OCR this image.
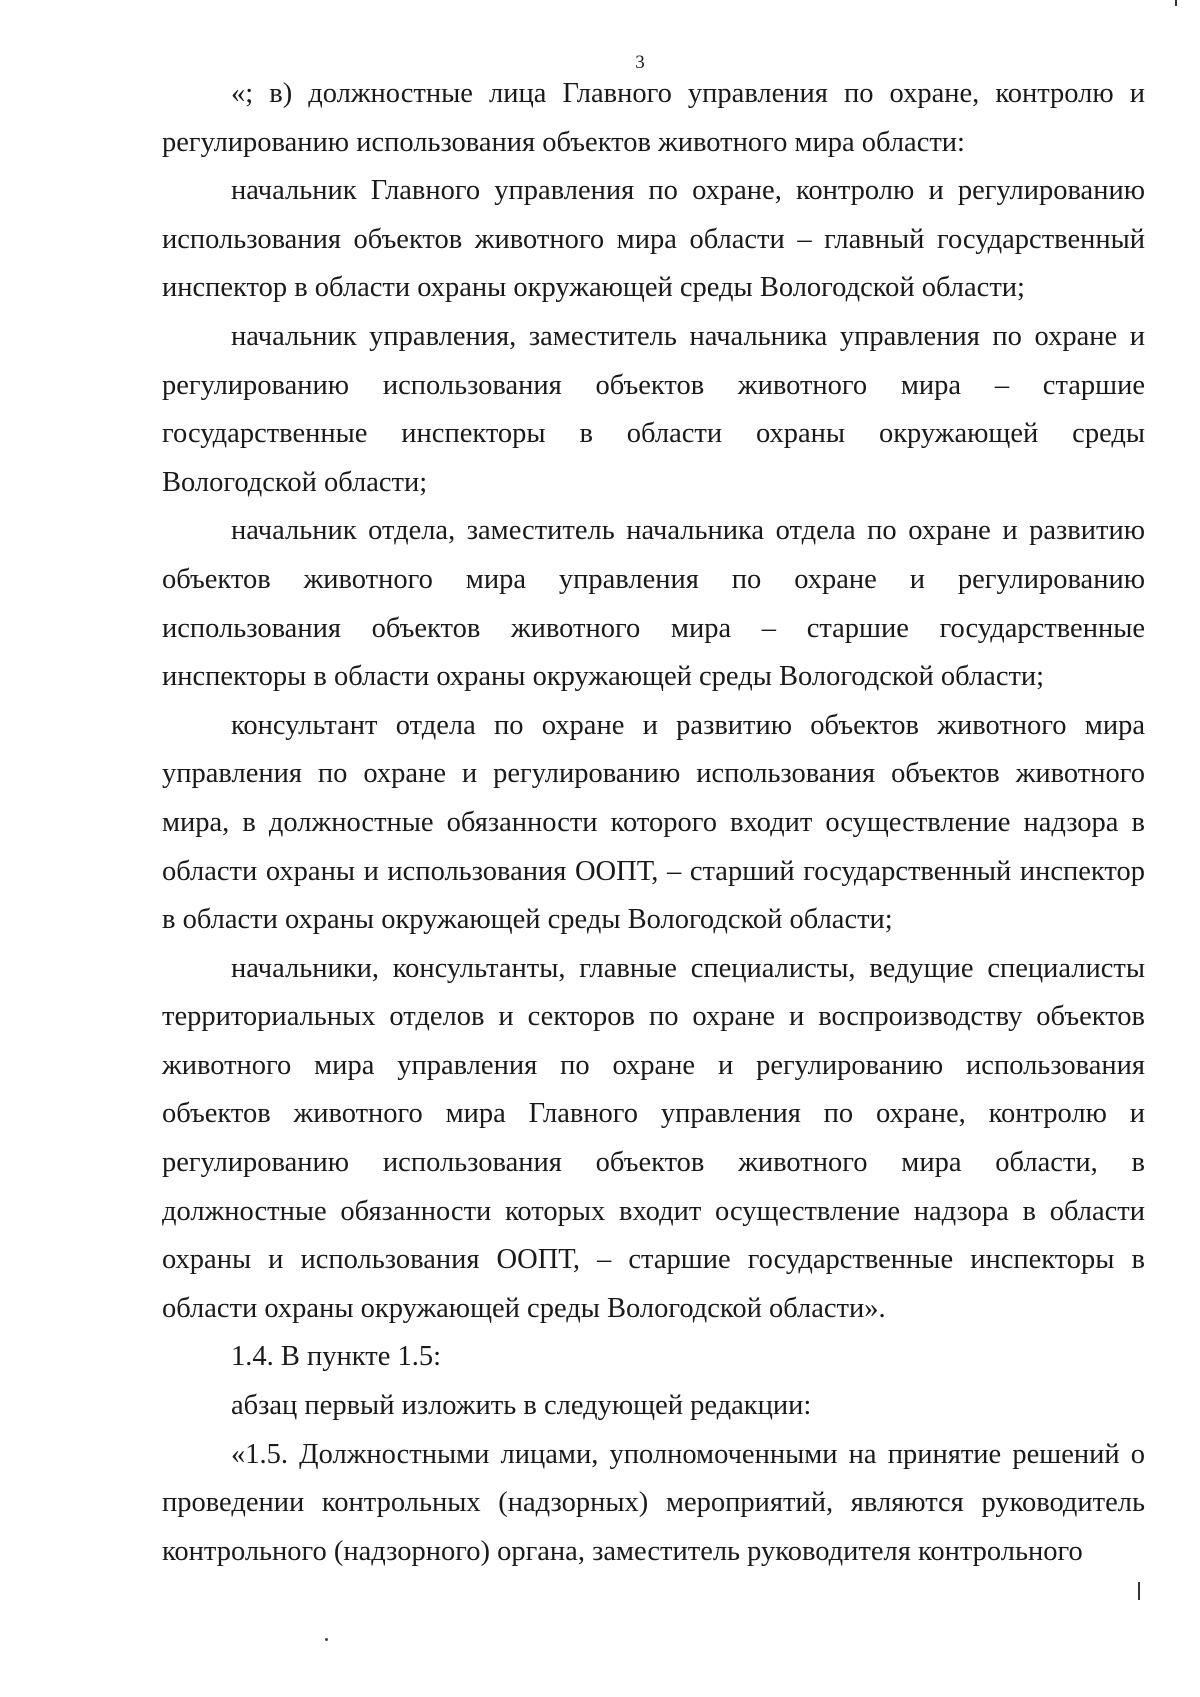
3

«; в) должностные лица Главного управления по охране, контролю и регулированию использования объектов животного мира области:

начальник Главного управления по охране, контролю и регулированию использования объектов животного мира области – главный государственный инспектор в области охраны окружающей среды Вологодской области;

начальник управления, заместитель начальника управления по охране и регулированию использования объектов животного мира – старшие государственные инспекторы в области охраны окружающей среды Вологодской области;

начальник отдела, заместитель начальника отдела по охране и развитию объектов животного мира управления по охране и регулированию использования объектов животного мира – старшие государственные инспекторы в области охраны окружающей среды Вологодской области;

консультант отдела по охране и развитию объектов животного мира управления по охране и регулированию использования объектов животного мира, в должностные обязанности которого входит осуществление надзора в области охраны и использования ООПТ, – старший государственный инспектор в области охраны окружающей среды Вологодской области;

начальники, консультанты, главные специалисты, ведущие специалисты территориальных отделов и секторов по охране и воспроизводству объектов животного мира управления по охране и регулированию использования объектов животного мира Главного управления по охране, контролю и регулированию использования объектов животного мира области, в должностные обязанности которых входит осуществление надзора в области охраны и использования ООПТ, – старшие государственные инспекторы в области охраны окружающей среды Вологодской области».

1.4. В пункте 1.5:

абзац первый изложить в следующей редакции:

«1.5. Должностными лицами, уполномоченными на принятие решений о проведении контрольных (надзорных) мероприятий, являются руководитель контрольного (надзорного) органа, заместитель руководителя контрольного
